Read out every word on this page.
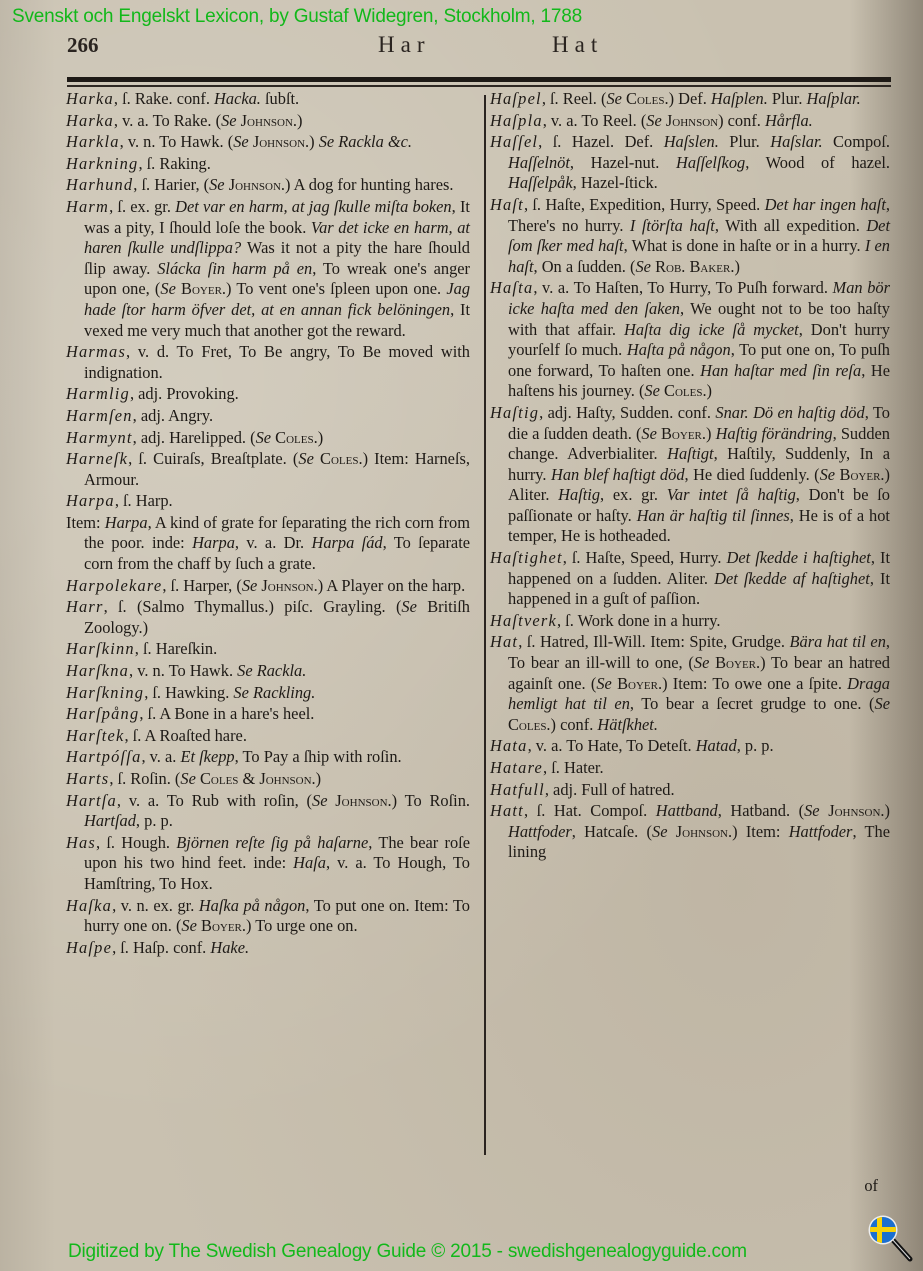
Svenskt och Engelskt Lexicon, by Gustaf Widegren, Stockholm, 1788
266	Har	Hat
Harka, ſ. Rake. conf. Hacka. ſubſt.
Harka, v. a. To Rake. (Se Johnson.)
Harkla, v. n. To Hawk. (Se Johnson.) Se Rackla &c.
Harkning, ſ. Raking.
Harhund, ſ. Harier, (Se Johnson.) A dog for hunting hares.
Harm, ſ. ex. gr. Det var en harm, at jag ſkulle miſta boken, It was a pity, I ſhould loſe the book. Var det icke en harm, at haren ſkulle undſlippa? Was it not a pity the hare ſhould ſlip away. Slácka ſin harm på en, To wreak one's anger upon one, (Se Boyer.) To vent one's ſpleen upon one. Jag hade ſtor harm öfver det, at en annan fick belöningen, It vexed me very much that another got the reward.
Harmas, v. d. To Fret, To Be angry, To Be moved with indignation.
Harmlig, adj. Provoking.
Harmſen, adj. Angry.
Harmynt, adj. Harelipped. (Se Coles.)
Harneſk, ſ. Cuiraſs, Breaſtplate. (Se Coles.) Item: Harneſs, Armour.
Harpa, ſ. Harp.
Item: Harpa, A kind of grate for ſeparating the rich corn from the poor. inde: Harpa, v. a. Dr. Harpa ſád, To ſeparate corn from the chaff by ſuch a grate.
Harpolekare, ſ. Harper, (Se Johnson.) A Player on the harp.
Harr, ſ. (Salmo Thymallus.) piſc. Grayling. (Se Britiſh Zoology.)
Harſkinn, ſ. Hareſkin.
Harſkna, v. n. To Hawk. Se Rackla.
Harſkning, ſ. Hawking. Se Rackling.
Harſpång, ſ. A Bone in a hare's heel.
Harſtek, ſ. A Roaſted hare.
Hartpóſſa, v. a. Et ſkepp, To Pay a ſhip with roſin.
Harts, ſ. Roſin. (Se Coles & Johnson.)
Hartſa, v. a. To Rub with roſin, (Se Johnson.) To Roſin. Hartſad, p. p.
Has, ſ. Hough. Björnen reſte ſig på haſarne, The bear roſe upon his two hind feet. inde: Haſa, v. a. To Hough, To Hamſtring, To Hox.
Haſka, v. n. ex. gr. Haſka på någon, To put one on. Item: To hurry one on. (Se Boyer.) To urge one on.
Haſpe, ſ. Haſp. conf. Hake.
Haſpel, ſ. Reel. (Se Coles.) Def. Haſplen. Plur. Haſplar.
Haſpla, v. a. To Reel. (Se Johnson) conf. Hårfla.
Haſſel, ſ. Hazel. Def. Haſslen. Plur. Haſslar. Compoſ. Haſſelnöt, Hazel-nut. Haſſelſkog, Wood of hazel. Haſſelpåk, Hazel-ſtick.
Haſt, ſ. Haſte, Expedition, Hurry, Speed. Det har ingen haſt, There's no hurry. I ſtörſta haſt, With all expedition. Det ſom ſker med haſt, What is done in haſte or in a hurry. I en haſt, On a ſudden. (Se Rob. Baker.)
Haſta, v. a. To Haſten, To Hurry, To Puſh forward. Man bör icke haſta med den ſaken, We ought not to be too haſty with that affair. Haſta dig icke ſå mycket, Don't hurry yourſelf ſo much. Haſta på någon, To put one on, To puſh one forward, To haſten one. Han haſtar med ſin reſa, He haſtens his journey. (Se Coles.)
Haſtig, adj. Haſty, Sudden. conf. Snar. Dö en haſtig död, To die a ſudden death. (Se Boyer.) Haſtig förändring, Sudden change. Adverbialiter. Haſtigt, Haſtily, Suddenly, In a hurry. Han blef haſtigt död, He died ſuddenly. (Se Boyer.) Aliter. Haſtig, ex. gr. Var intet ſå haſtig, Don't be ſo paſſionate or haſty. Han är haſtig til ſinnes, He is of a hot temper, He is hotheaded.
Haſtighet, ſ. Haſte, Speed, Hurry. Det ſkedde i haſtighet, It happened on a ſudden. Aliter. Det ſkedde af haſtighet, It happened in a guſt of paſſion.
Haſtverk, ſ. Work done in a hurry.
Hat, ſ. Hatred, Ill-Will. Item: Spite, Grudge. Bära hat til en, To bear an ill-will to one, (Se Boyer.) To bear an hatred againſt one. (Se Boyer.) Item: To owe one a ſpite. Draga hemligt hat til en, To bear a ſecret grudge to one. (Se Coles.) conf. Hätſkhet.
Hata, v. a. To Hate, To Deteſt. Hatad, p. p.
Hatare, ſ. Hater.
Hatfull, adj. Full of hatred.
Hatt, ſ. Hat. Compoſ. Hattband, Hatband. (Se Johnson.) Hattfoder, Hatcaſe. (Se Johnson.) Item: Hattfoder, The lining
of
Digitized by The Swedish Genealogy Guide © 2015 - swedishgenealogyguide.com
